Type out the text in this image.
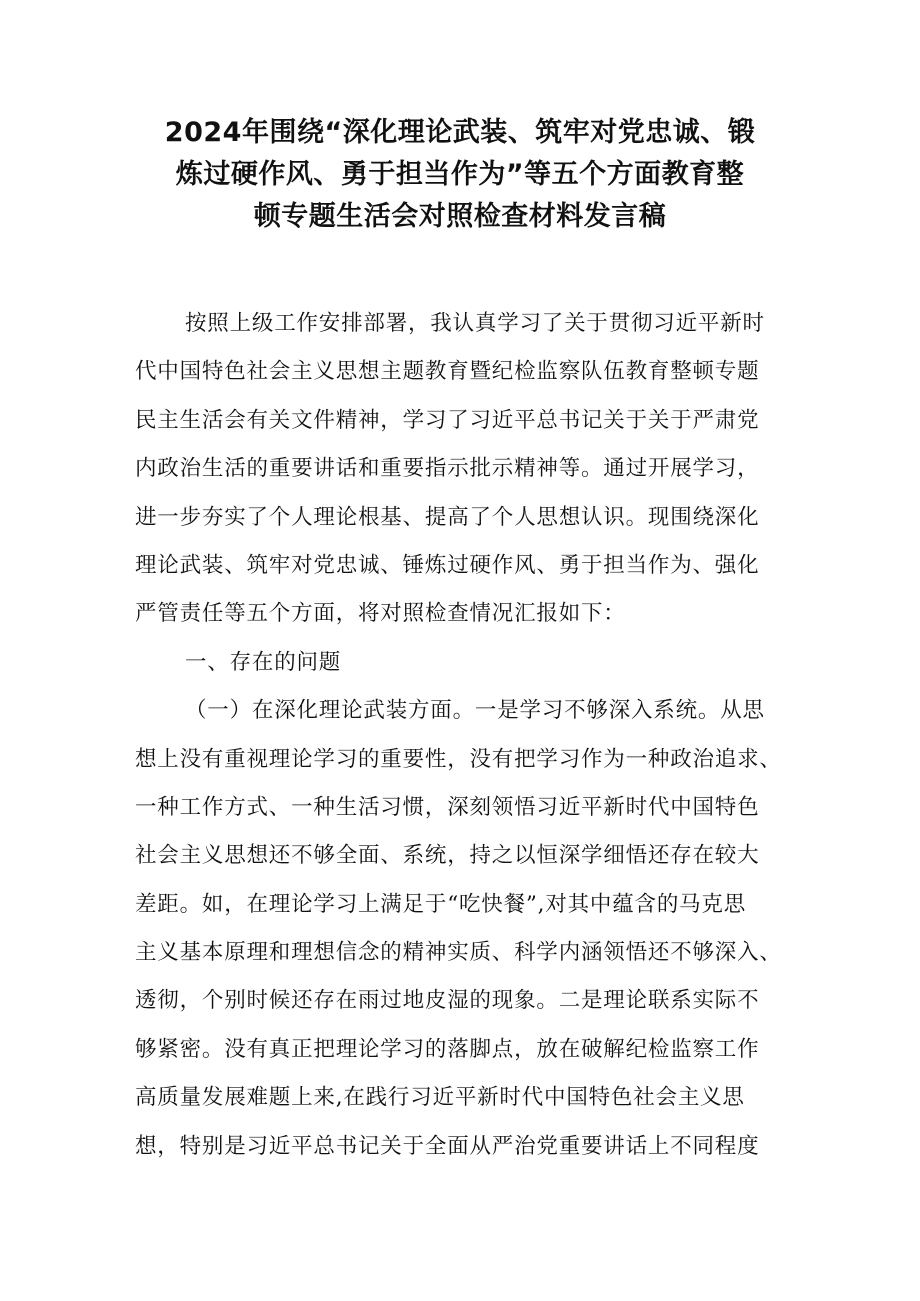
2024年围绕“深化理论武装、筑牢对党忠诚、锻
炼过硬作风、勇于担当作为”等五个方面教育整
顿专题生活会对照检查材料发言稿
按照上级工作安排部署，我认真学习了关于贯彻习近平新时
代中国特色社会主义思想主题教育暨纪检监察队伍教育整顿专题
民主生活会有关文件精神，学习了习近平总书记关于关于严肃党
内政治生活的重要讲话和重要指示批示精神等。通过开展学习，
进一步夯实了个人理论根基、提高了个人思想认识。现围绕深化
理论武装、筑牢对党忠诚、锤炼过硬作风、勇于担当作为、强化
严管责任等五个方面，将对照检查情况汇报如下：
一、存在的问题
（一）在深化理论武装方面。一是学习不够深入系统。从思
想上没有重视理论学习的重要性，没有把学习作为一种政治追求、
一种工作方式、一种生活习惯，深刻领悟习近平新时代中国特色
社会主义思想还不够全面、系统，持之以恒深学细悟还存在较大
差距。如，在理论学习上满足于“吃快餐”,对其中蕴含的马克思
主义基本原理和理想信念的精神实质、科学内涵领悟还不够深入、
透彻，个别时候还存在雨过地皮湿的现象。二是理论联系实际不
够紧密。没有真正把理论学习的落脚点，放在破解纪检监察工作
高质量发展难题上来,在践行习近平新时代中国特色社会主义思
想，特别是习近平总书记关于全面从严治党重要讲话上不同程度
